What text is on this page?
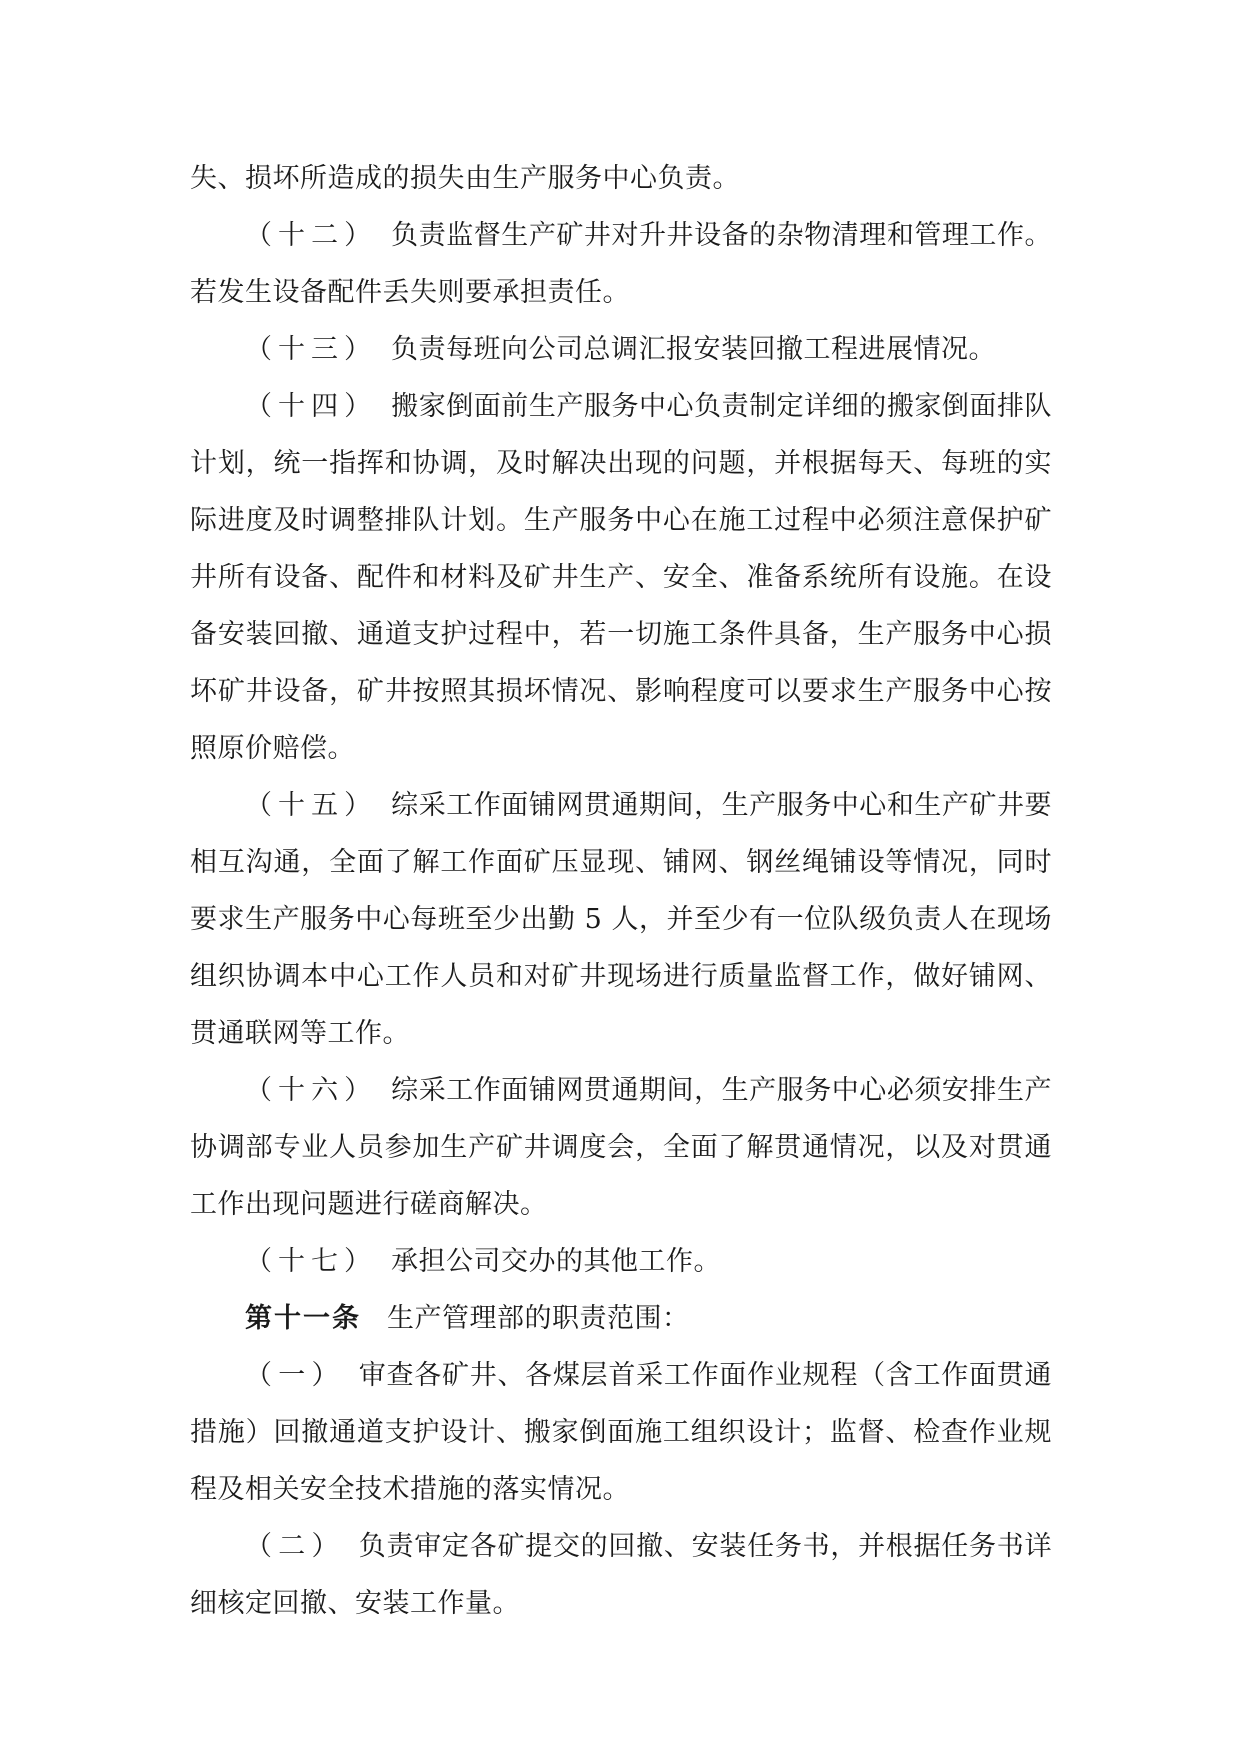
失、损坏所造成的损失由生产服务中心负责。

（十二） 负责监督生产矿井对升井设备的杂物清理和管理工作。若发生设备配件丢失则要承担责任。

（十三） 负责每班向公司总调汇报安装回撤工程进展情况。

（十四） 搬家倒面前生产服务中心负责制定详细的搬家倒面排队计划，统一指挥和协调，及时解决出现的问题，并根据每天、每班的实际进度及时调整排队计划。生产服务中心在施工过程中必须注意保护矿井所有设备、配件和材料及矿井生产、安全、准备系统所有设施。在设备安装回撤、通道支护过程中，若一切施工条件具备，生产服务中心损坏矿井设备，矿井按照其损坏情况、影响程度可以要求生产服务中心按照原价赔偿。

（十五） 综采工作面铺网贯通期间，生产服务中心和生产矿井要相互沟通，全面了解工作面矿压显现、铺网、钢丝绳铺设等情况，同时要求生产服务中心每班至少出勤 5 人，并至少有一位队级负责人在现场组织协调本中心工作人员和对矿井现场进行质量监督工作，做好铺网、贯通联网等工作。

（十六） 综采工作面铺网贯通期间，生产服务中心必须安排生产协调部专业人员参加生产矿井调度会，全面了解贯通情况，以及对贯通工作出现问题进行磋商解决。

（十七） 承担公司交办的其他工作。

第十一条 生产管理部的职责范围：

（一） 审查各矿井、各煤层首采工作面作业规程（含工作面贯通措施）回撤通道支护设计、搬家倒面施工组织设计；监督、检查作业规程及相关安全技术措施的落实情况。

（二） 负责审定各矿提交的回撤、安装任务书，并根据任务书详细核定回撤、安装工作量。
